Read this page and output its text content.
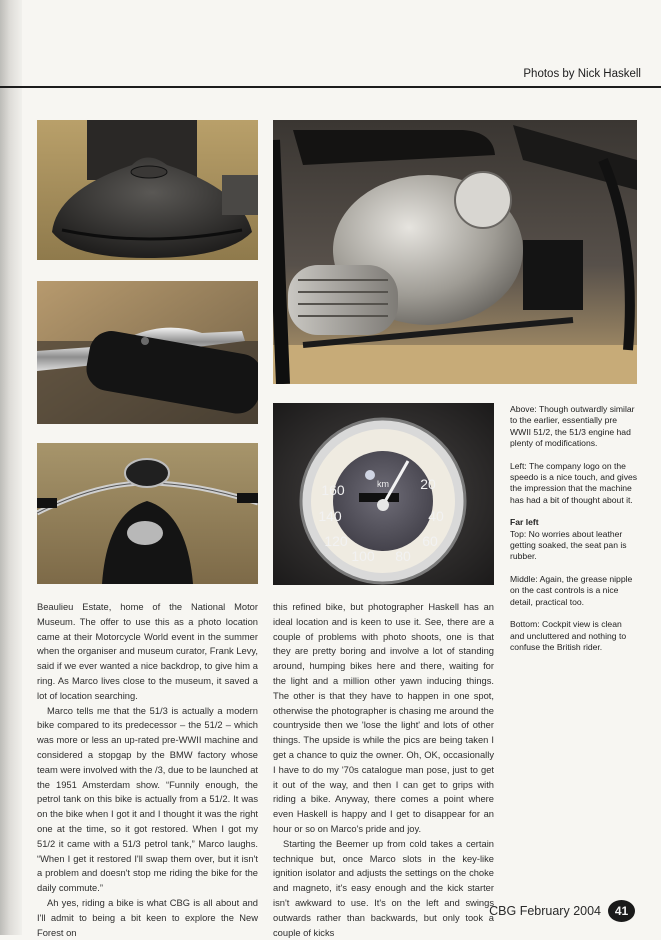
Photos by Nick Haskell
km
160
140
120
100 80
60
40
20

Above: Though outwardly similar to the earlier, essentially pre WWII 51/2, the 51/3 engine had plenty of modifications.

Left: The company logo on the speedo is a nice touch, and gives the impression that the machine has had a bit of thought about it.

Far left
Top: No worries about leather getting soaked, the seat pan is rubber.

Middle: Again, the grease nipple on the cast controls is a nice detail, practical too.

Bottom: Cockpit view is clean and uncluttered and nothing to confuse the British rider.

Beaulieu Estate, home of the National Motor Museum. The offer to use this as a photo location came at their Motorcycle World event in the summer when the organiser and museum curator, Frank Levy, said if we ever wanted a nice backdrop, to give him a ring. As Marco lives close to the museum, it saved a lot of location searching.

Marco tells me that the 51/3 is actually a modern bike compared to its predecessor – the 51/2 – which was more or less an up-rated pre-WWII machine and considered a stopgap by the BMW factory whose team were involved with the /3, due to be launched at the 1951 Amsterdam show. “Funnily enough, the petrol tank on this bike is actually from a 51/2. It was on the bike when I got it and I thought it was the right one at the time, so it got restored. When I got my 51/2 it came with a 51/3 petrol tank,” Marco laughs. “When I get it restored I'll swap them over, but it isn't a problem and doesn't stop me riding the bike for the daily commute.”

Ah yes, riding a bike is what CBG is all about and I'll admit to being a bit keen to explore the New Forest on

this refined bike, but photographer Haskell has an ideal location and is keen to use it. See, there are a couple of problems with photo shoots, one is that they are pretty boring and involve a lot of standing around, humping bikes here and there, waiting for the light and a million other yawn inducing things. The other is that they have to happen in one spot, otherwise the photographer is chasing me around the countryside then we 'lose the light' and lots of other things. The upside is while the pics are being taken I get a chance to quiz the owner. Oh, OK, occasionally I have to do my '70s catalogue man pose, just to get it out of the way, and then I can get to grips with riding a bike. Anyway, there comes a point where even Haskell is happy and I get to disappear for an hour or so on Marco's pride and joy.

Starting the Beemer up from cold takes a certain technique but, once Marco slots in the key-like ignition isolator and adjusts the settings on the choke and magneto, it's easy enough and the kick starter isn't awkward to use. It's on the left and swings outwards rather than backwards, but only took a couple of kicks

CBG February 2004	41
